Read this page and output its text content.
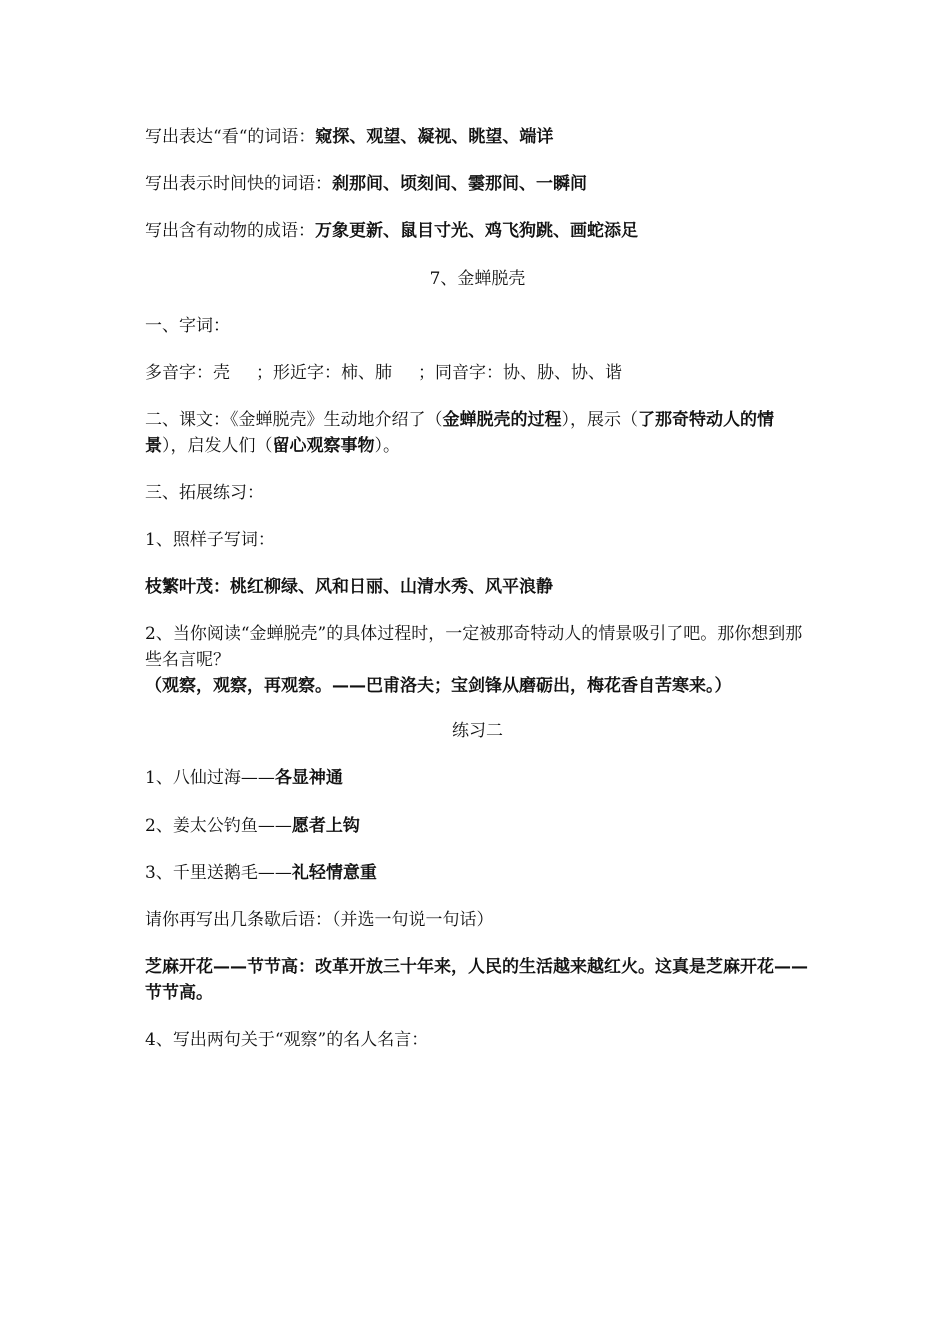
写出表达“看“的词语：窥探、观望、凝视、眺望、端详
写出表示时间快的词语：刹那间、顷刻间、霎那间、一瞬间
写出含有动物的成语：万象更新、鼠目寸光、鸡飞狗跳、画蛇添足
7、金蝉脱壳
一、字词：
多音字：壳 ；形近字：柿、肺 ；同音字：协、胁、协、谐
二、课文：《金蝉脱壳》生动地介绍了（金蝉脱壳的过程），展示（了那奇特动人的情景），启发人们（留心观察事物）。
三、拓展练习：
1、照样子写词：
枝繁叶茂：桃红柳绿、风和日丽、山清水秀、风平浪静
2、当你阅读“金蝉脱壳”的具体过程时，一定被那奇特动人的情景吸引了吧。那你想到那些名言呢？（观察，观察，再观察。——巴甫洛夫；宝剑锋从磨砺出，梅花香自苦寒来。）
练习二
1、八仙过海——各显神通
2、姜太公钓鱼——愿者上钩
3、千里送鹅毛——礼轻情意重
请你再写出几条歇后语：（并选一句说一句话）
芝麻开花——节节高：改革开放三十年来，人民的生活越来越红火。这真是芝麻开花——节节高。
4、写出两句关于“观察”的名人名言：
